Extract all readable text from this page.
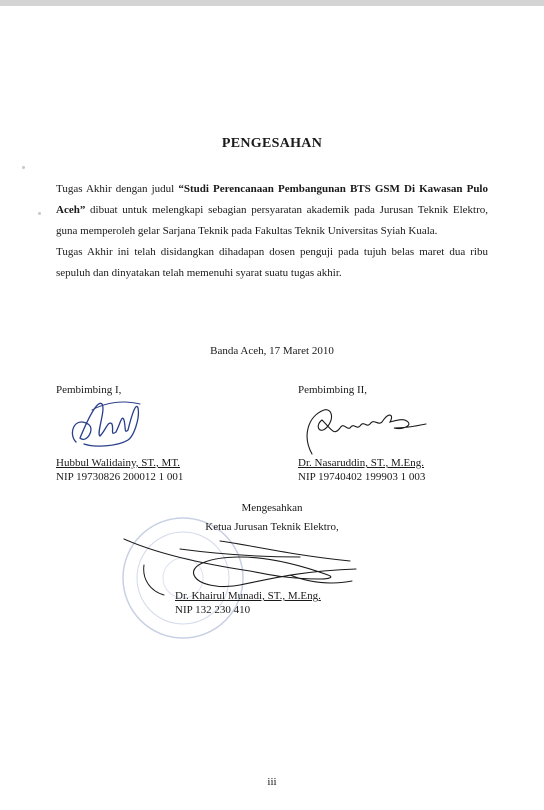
PENGESAHAN

Tugas Akhir dengan judul “Studi Perencanaan Pembangunan BTS GSM Di Kawasan Pulo Aceh” dibuat untuk melengkapi sebagian persyaratan akademik pada Jurusan Teknik Elektro, guna memperoleh gelar Sarjana Teknik pada Fakultas Teknik Universitas Syiah Kuala.

Tugas Akhir ini telah disidangkan dihadapan dosen penguji pada tujuh belas maret dua ribu sepuluh dan dinyatakan telah memenuhi syarat suatu tugas akhir.

Banda Aceh, 17 Maret 2010
Pembimbing I,
Hubbul Walidainy, ST., MT.
NIP 19730826 200012 1 001
Pembimbing II,
Dr. Nasaruddin, ST., M.Eng.
NIP 19740402 199903 1 003
Mengesahkan
Ketua Jurusan Teknik Elektro,
Dr. Khairul Munadi, ST., M.Eng.
NIP 132 230 410
iii
